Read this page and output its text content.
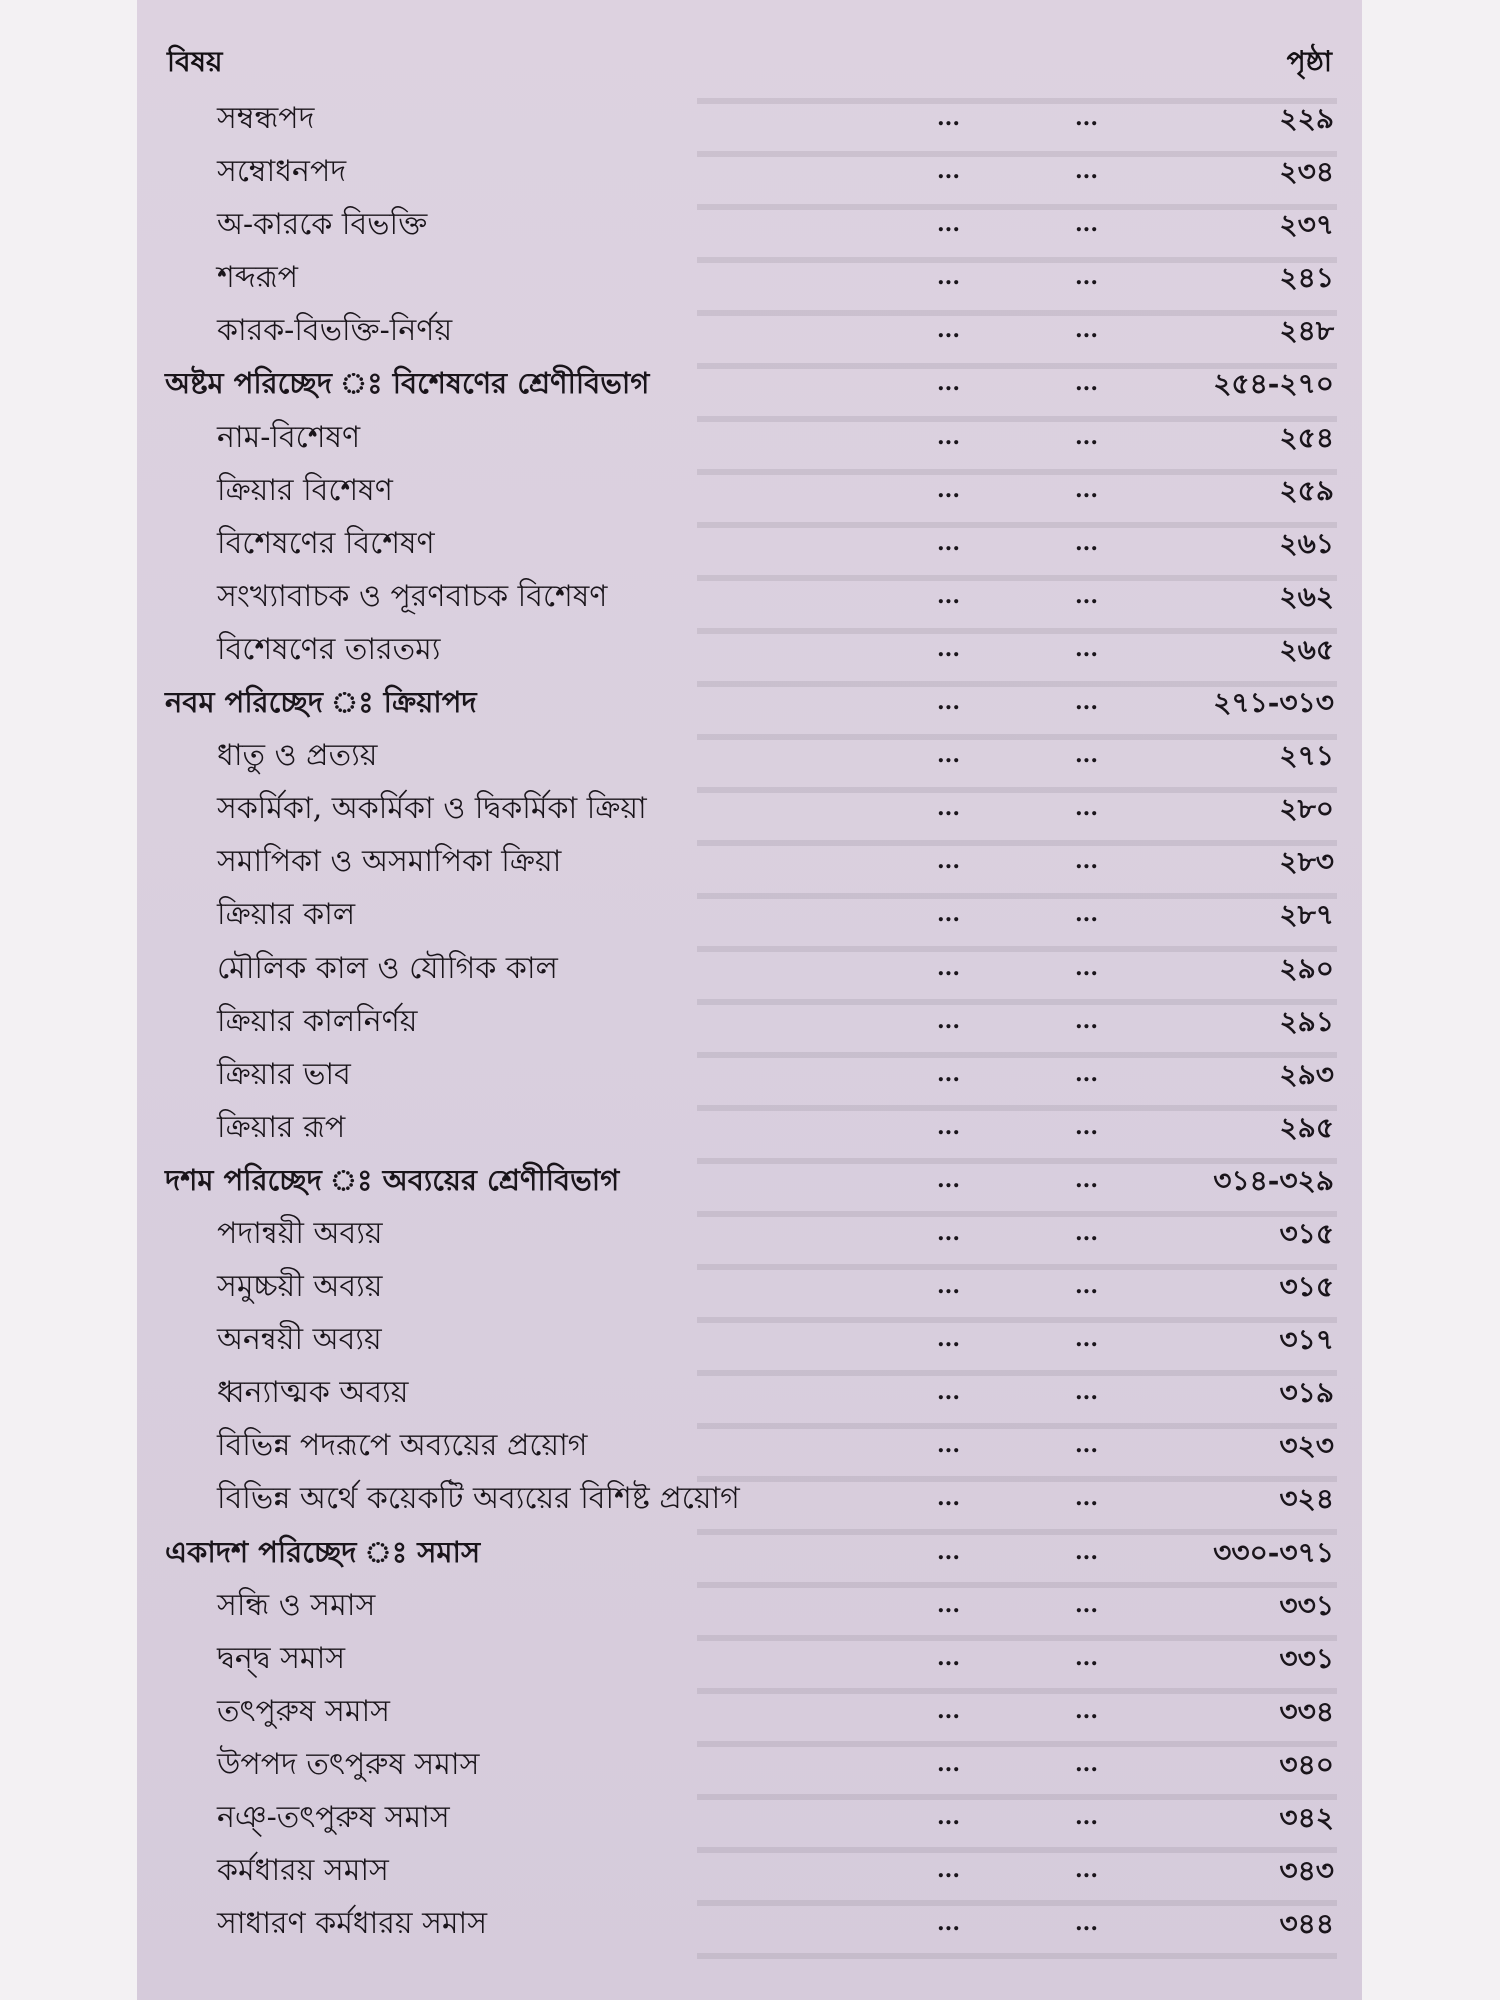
বিষয়	পৃষ্ঠা
সম্বন্ধপদ	...	...	২২৯
সম্বোধনপদ	...	...	২৩৪
অ-কারকে বিভক্তি	...	...	২৩৭
শব্দরূপ	...	...	২৪১
কারক-বিভক্তি-নির্ণয়	...	...	২৪৮
অষ্টম পরিচ্ছেদ ঃ বিশেষণের শ্রেণীবিভাগ	...	...	২৫৪-২৭০
নাম-বিশেষণ	...	...	২৫৪
ক্রিয়ার বিশেষণ	...	...	২৫৯
বিশেষণের বিশেষণ	...	...	২৬১
সংখ্যাবাচক ও পূরণবাচক বিশেষণ	...	...	২৬২
বিশেষণের তারতম্য	...	...	২৬৫
নবম পরিচ্ছেদ ঃ ক্রিয়াপদ	...	...	২৭১-৩১৩
ধাতু ও প্রত্যয়	...	...	২৭১
সকর্মিকা, অকর্মিকা ও দ্বিকর্মিকা ক্রিয়া	...	...	২৮০
সমাপিকা ও অসমাপিকা ক্রিয়া	...	...	২৮৩
ক্রিয়ার কাল	...	...	২৮৭
মৌলিক কাল ও যৌগিক কাল	...	...	২৯০
ক্রিয়ার কালনির্ণয়	...	...	২৯১
ক্রিয়ার ভাব	...	...	২৯৩
ক্রিয়ার রূপ	...	...	২৯৫
দশম পরিচ্ছেদ ঃ অব্যয়ের শ্রেণীবিভাগ	...	...	৩১৪-৩২৯
পদান্বয়ী অব্যয়	...	...	৩১৫
সমুচ্চয়ী অব্যয়	...	...	৩১৫
অনন্বয়ী অব্যয়	...	...	৩১৭
ধ্বন্যাত্মক অব্যয়	...	...	৩১৯
বিভিন্ন পদরূপে অব্যয়ের প্রয়োগ	...	...	৩২৩
বিভিন্ন অর্থে কয়েকটি অব্যয়ের বিশিষ্ট প্রয়োগ	...	...	৩২৪
একাদশ পরিচ্ছেদ ঃ সমাস	...	...	৩৩০-৩৭১
সন্ধি ও সমাস	...	...	৩৩১
দ্বন্দ্ব সমাস	...	...	৩৩১
তৎপুরুষ সমাস	...	...	৩৩৪
উপপদ তৎপুরুষ সমাস	...	...	৩৪০
নঞ্-তৎপুরুষ সমাস	...	...	৩৪২
কর্মধারয় সমাস	...	...	৩৪৩
সাধারণ কর্মধারয় সমাস	...	...	৩৪৪
